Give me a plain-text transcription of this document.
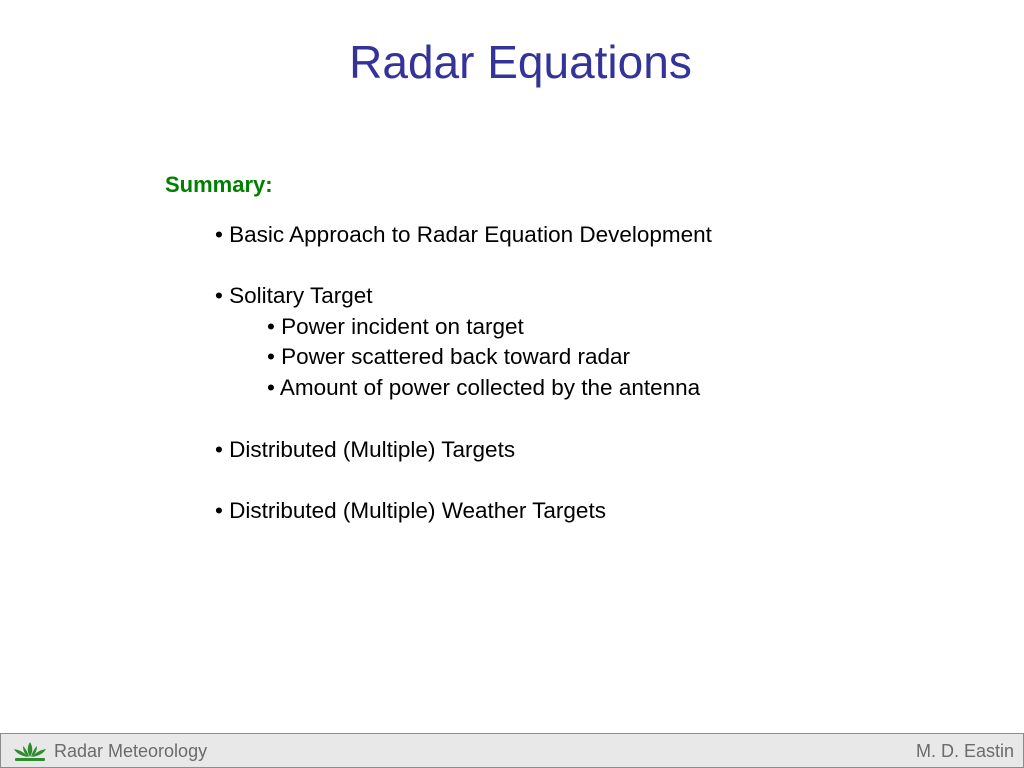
Radar Equations
Summary:
• Basic Approach to Radar Equation Development
• Solitary Target
• Power incident on target
• Power scattered back toward radar
• Amount of power collected by the antenna
• Distributed (Multiple) Targets
• Distributed (Multiple) Weather Targets
Radar Meteorology	M. D. Eastin
